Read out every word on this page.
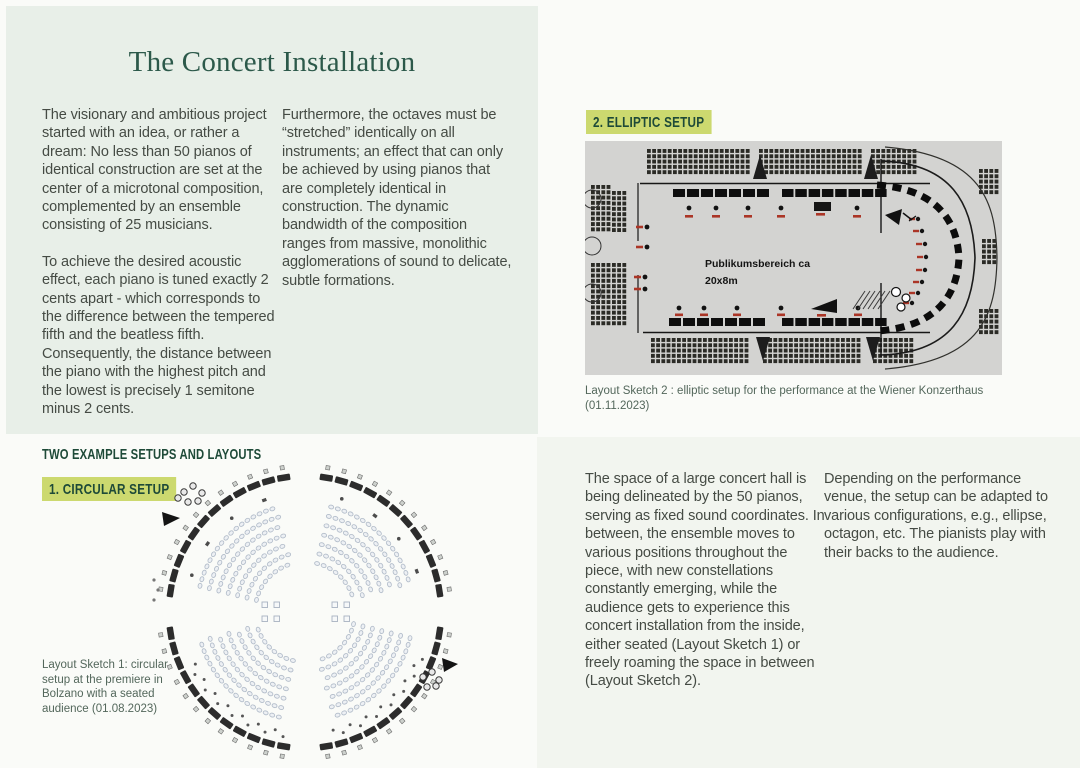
The Concert Installation

The visionary and ambitious project started with an idea, or rather a dream: No less than 50 pianos of identical construction are set at the center of a microtonal composition, complemented by an ensemble consisting of 25 musicians.

To achieve the desired acoustic effect, each piano is tuned exactly 2 cents apart - which corresponds to the difference between the tempered fifth and the beatless fifth. Consequently, the distance between the piano with the highest pitch and the lowest is precisely 1 semitone minus 2 cents.

Furthermore, the octaves must be “stretched” identically on all instruments; an effect that can only be achieved by using pianos that are completely identical in construction. The dynamic bandwidth of the composition ranges from massive, monolithic agglomerations of sound to delicate, subtle formations.

2. ELLIPTIC SETUP
Publikumsbereich ca
20x8m

Layout Sketch 2 : elliptic setup for the performance at the Wiener Konzerthaus (01.11.2023)

TWO EXAMPLE SETUPS AND LAYOUTS
1. CIRCULAR SETUP

Layout Sketch 1: circular setup at the premiere in Bolzano with a seated audience (01.08.2023)

The space of a large concert hall is being delineated by the 50 pianos, serving as fixed sound coordinates. In between, the ensemble moves to various positions throughout the piece, with new constellations constantly emerging, while the audience gets to experience this concert installation from the inside, either seated (Layout Sketch 1) or freely roaming the space in between (Layout Sketch 2).

Depending on the performance venue, the setup can be adapted to various configurations, e.g., ellipse, octagon, etc. The pianists play with their backs to the audience.
